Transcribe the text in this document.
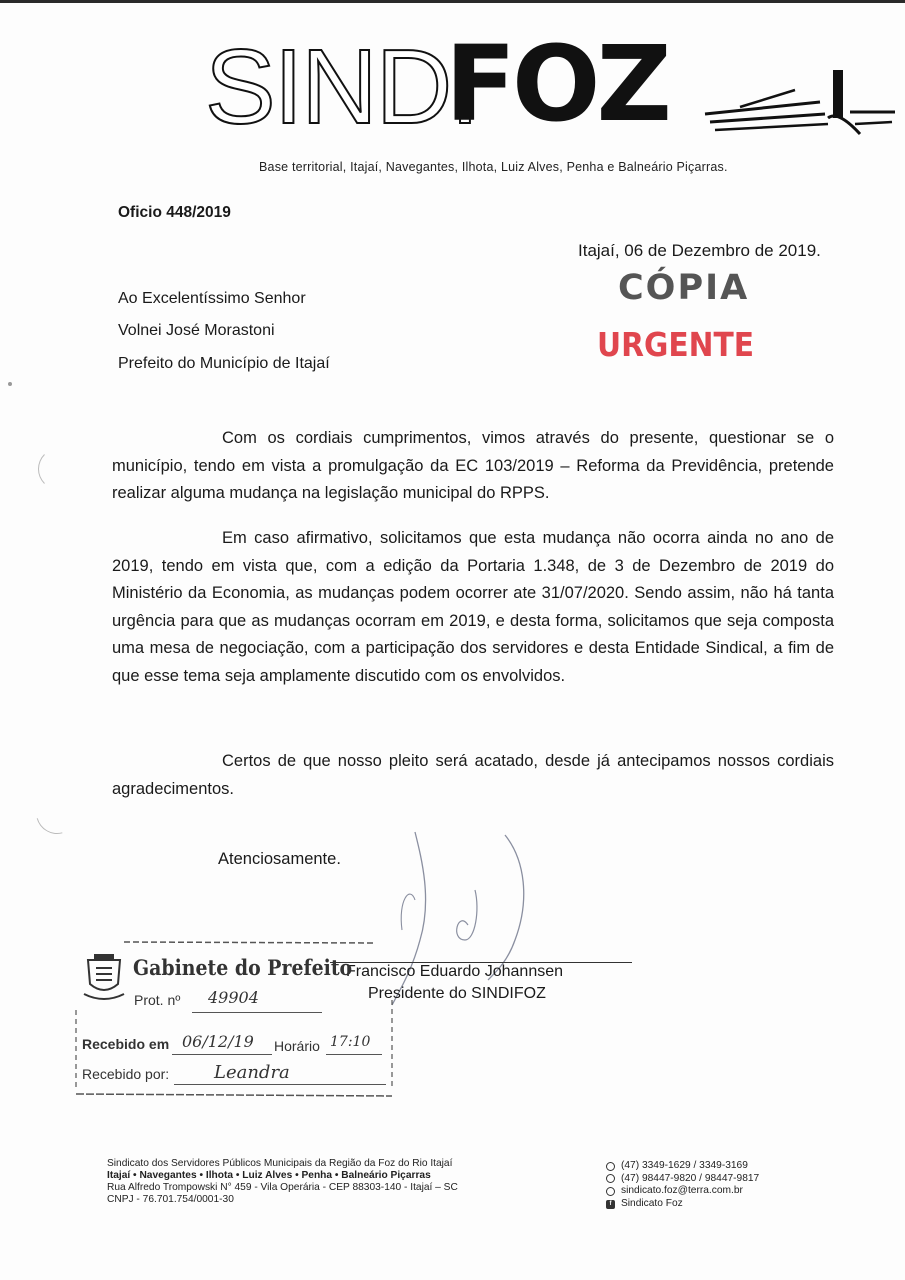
SINDI
FOZ
Base territorial, Itajaí, Navegantes, Ilhota, Luiz Alves, Penha e Balneário Piçarras.
Oficio 448/2019
Itajaí, 06 de Dezembro de 2019.
CÓPIA
URGENTE
Ao Excelentíssimo Senhor
Volnei José Morastoni
Prefeito do Município de Itajaí
Com os cordiais cumprimentos, vimos através do presente, questionar se o município, tendo em vista a promulgação da EC 103/2019 – Reforma da Previdência, pretende realizar alguma mudança na legislação municipal do RPPS.
Em caso afirmativo, solicitamos que esta mudança não ocorra ainda no ano de 2019, tendo em vista que, com a edição da Portaria 1.348, de 3 de Dezembro de 2019 do Ministério da Economia, as mudanças podem ocorrer ate 31/07/2020. Sendo assim, não há tanta urgência para que as mudanças ocorram em 2019, e desta forma, solicitamos que seja composta uma mesa de negociação, com a participação dos servidores e desta Entidade Sindical, a fim de que esse tema seja amplamente discutido com os envolvidos.
Certos de que nosso pleito será acatado, desde já antecipamos nossos cordiais agradecimentos.
Atenciosamente.
Francisco Eduardo Johannsen
Presidente do SINDIFOZ
Gabinete do Prefeito
Prot. nº 49904
Recebido em 06/12/19 Horário 17:10
Recebido por: Leandra
Sindicato dos Servidores Públicos Municipais da Região da Foz do Rio Itajaí
Itajaí • Navegantes • Ilhota • Luiz Alves • Penha • Balneário Piçarras
Rua Alfredo Trompowski N° 459 - Vila Operária - CEP 88303-140 - Itajaí – SC
CNPJ - 76.701.754/0001-30
(47) 3349-1629 / 3349-3169
(47) 98447-9820 / 98447-9817
sindicato.foz@terra.com.br
f Sindicato Foz
